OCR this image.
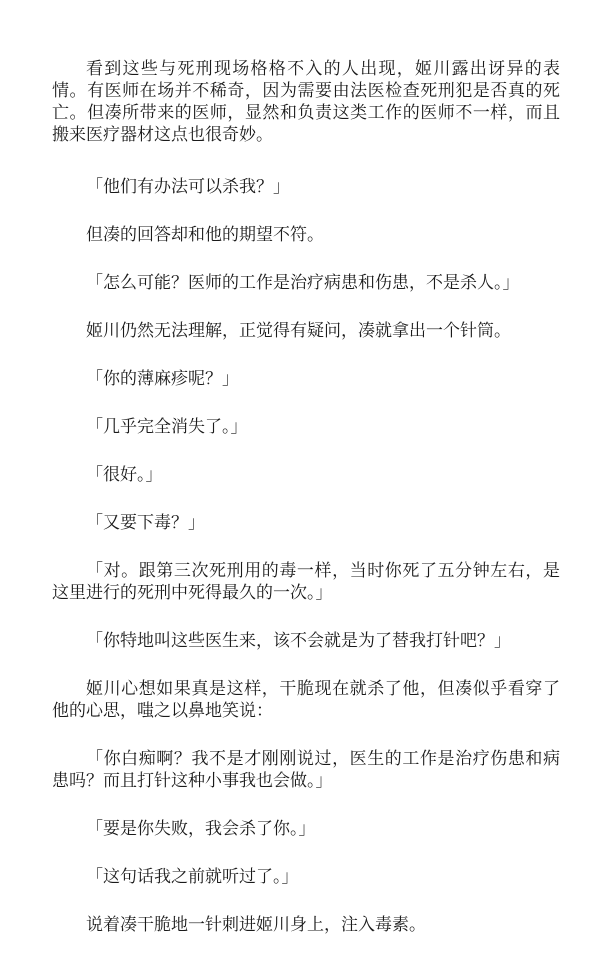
看到这些与死刑现场格格不入的人出现，姬川露出讶异的表情。有医师在场并不稀奇，因为需要由法医检查死刑犯是否真的死亡。但凑所带来的医师，显然和负责这类工作的医师不一样，而且搬来医疗器材这点也很奇妙。

「他们有办法可以杀我？」

但凑的回答却和他的期望不符。

「怎么可能？医师的工作是治疗病患和伤患，不是杀人。」

姬川仍然无法理解，正觉得有疑问，凑就拿出一个针筒。

「你的薄麻疹呢？」

「几乎完全消失了。」

「很好。」

「又要下毒？」

「对。跟第三次死刑用的毒一样，当时你死了五分钟左右，是这里进行的死刑中死得最久的一次。」

「你特地叫这些医生来，该不会就是为了替我打针吧？」

姬川心想如果真是这样，干脆现在就杀了他，但凑似乎看穿了他的心思，嗤之以鼻地笑说：

「你白痴啊？我不是才刚刚说过，医生的工作是治疗伤患和病患吗？而且打针这种小事我也会做。」

「要是你失败，我会杀了你。」

「这句话我之前就听过了。」

说着凑干脆地一针刺进姬川身上，注入毒素。
